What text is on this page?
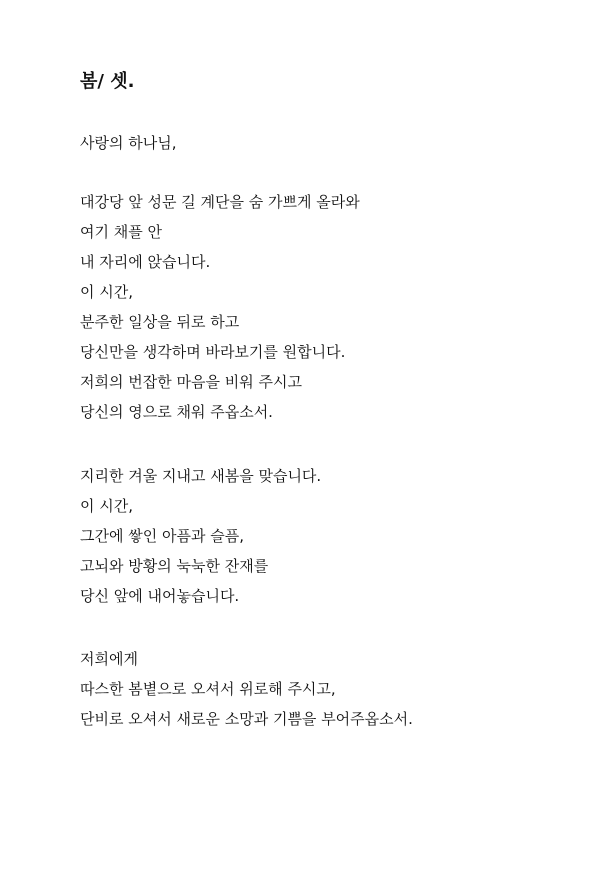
봄/ 셋.
사랑의 하나님,
대강당 앞 성문 길 계단을 숨 가쁘게 올라와
여기 채플 안
내 자리에 앉습니다.
이 시간,
분주한 일상을 뒤로 하고
당신만을 생각하며 바라보기를 원합니다.
저희의 번잡한 마음을 비워 주시고
당신의 영으로 채워 주옵소서.
지리한 겨울 지내고 새봄을 맞습니다.
이 시간,
그간에 쌓인 아픔과 슬픔,
고뇌와 방황의 눅눅한 잔재를
당신 앞에 내어놓습니다.
저희에게
따스한 봄볕으로 오셔서 위로해 주시고,
단비로 오셔서 새로운 소망과 기쁨을 부어주옵소서.
